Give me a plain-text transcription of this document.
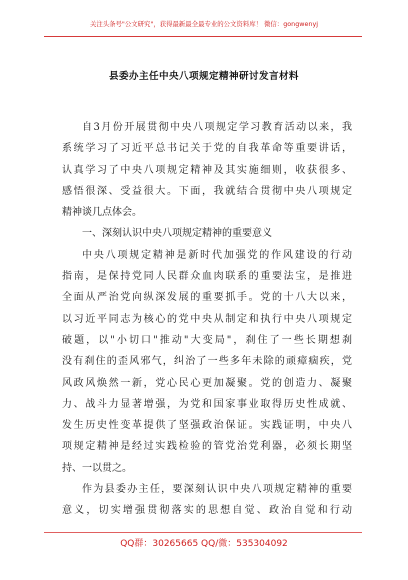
关注头条号"公文研究"，获得最新最全最专业的公文资料库！ 微信：gongwenyj
县委办主任中央八项规定精神研讨发言材料
自3月份开展贯彻中央八项规定学习教育活动以来，我
系统学习了习近平总书记关于党的自我革命等重要讲话，
认真学习了中央八项规定精神及其实施细则，收获很多、
感悟很深、受益很大。下面，我就结合贯彻中央八项规定
精神谈几点体会。
一、深刻认识中央八项规定精神的重要意义
中央八项规定精神是新时代加强党的作风建设的行动
指南，是保持党同人民群众血肉联系的重要法宝，是推进
全面从严治党向纵深发展的重要抓手。党的十八大以来，
以习近平同志为核心的党中央从制定和执行中央八项规定
破题，以"小切口"推动"大变局"，刹住了一些长期想刹
没有刹住的歪风邪气，纠治了一些多年未除的顽瘴痼疾，党
风政风焕然一新，党心民心更加凝聚。党的创造力、凝聚
力、战斗力显著增强，为党和国家事业取得历史性成就、
发生历史性变革提供了坚强政治保证。实践证明，中央八
项规定精神是经过实践检验的管党治党利器，必须长期坚
持、一以贯之。
作为县委办主任，要深刻认识中央八项规定精神的重要
意义，切实增强贯彻落实的思想自觉、政治自觉和行动
QQ群：30265665 QQ/微：535304092
